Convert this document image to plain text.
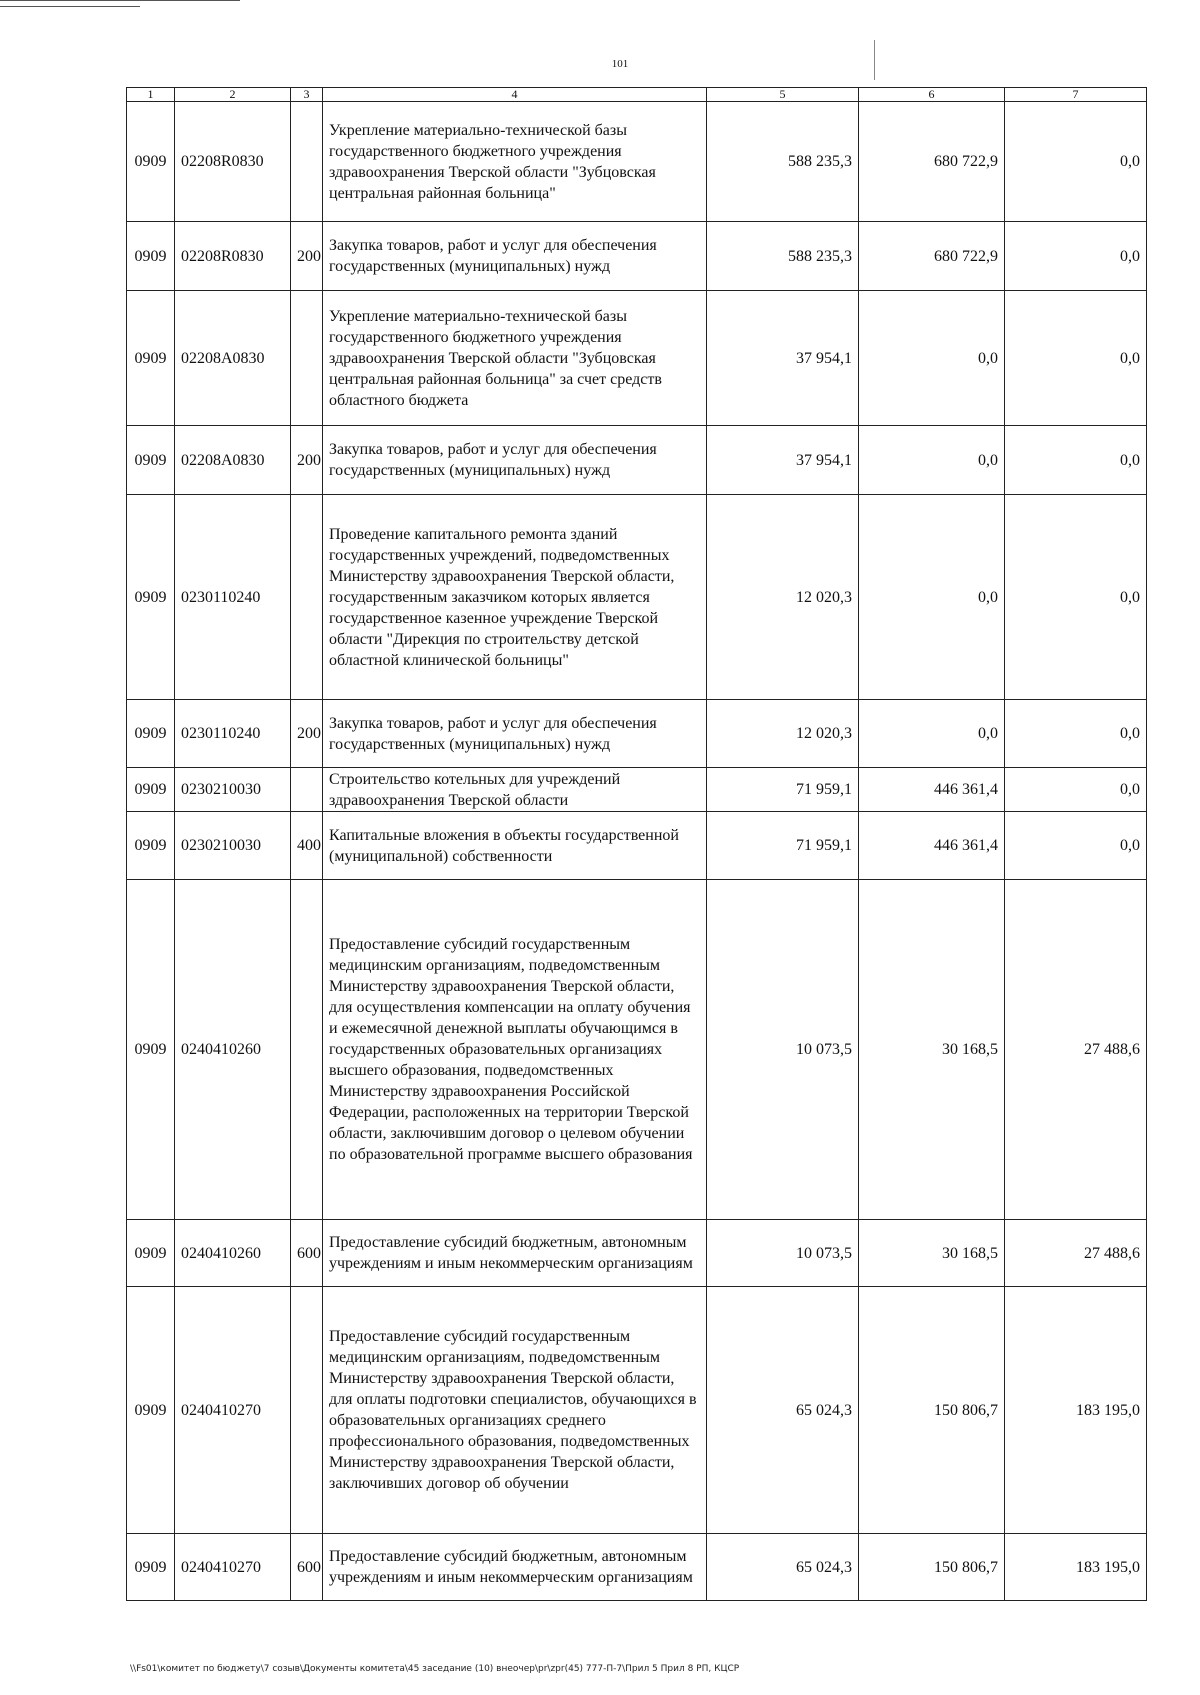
101
1	2	3	4	5	6	7
0909	02208R0830		Укрепление материально-технической базы государственного бюджетного учреждения здравоохранения Тверской области "Зубцовская центральная районная больница"	588 235,3	680 722,9	0,0
0909	02208R0830	200	Закупка товаров, работ и услуг для обеспечения государственных (муниципальных) нужд	588 235,3	680 722,9	0,0
0909	02208A0830		Укрепление материально-технической базы государственного бюджетного учреждения здравоохранения Тверской области "Зубцовская центральная районная больница" за счет средств областного бюджета	37 954,1	0,0	0,0
0909	02208A0830	200	Закупка товаров, работ и услуг для обеспечения государственных (муниципальных) нужд	37 954,1	0,0	0,0
0909	0230110240		Проведение капитального ремонта зданий государственных учреждений, подведомственных Министерству здравоохранения Тверской области, государственным заказчиком которых является государственное казенное учреждение Тверской области "Дирекция по строительству детской областной клинической больницы"	12 020,3	0,0	0,0
0909	0230110240	200	Закупка товаров, работ и услуг для обеспечения государственных (муниципальных) нужд	12 020,3	0,0	0,0
0909	0230210030		Строительство котельных для учреждений здравоохранения Тверской области	71 959,1	446 361,4	0,0
0909	0230210030	400	Капитальные вложения в объекты государственной (муниципальной) собственности	71 959,1	446 361,4	0,0
0909	0240410260		Предоставление субсидий государственным медицинским организациям, подведомственным Министерству здравоохранения Тверской области, для осуществления компенсации на оплату обучения и ежемесячной денежной выплаты обучающимся в государственных образовательных организациях высшего образования, подведомственных Министерству здравоохранения Российской Федерации, расположенных на территории Тверской области, заключившим договор о целевом обучении по образовательной программе высшего образования	10 073,5	30 168,5	27 488,6
0909	0240410260	600	Предоставление субсидий бюджетным, автономным учреждениям и иным некоммерческим организациям	10 073,5	30 168,5	27 488,6
0909	0240410270		Предоставление субсидий государственным медицинским организациям, подведомственным Министерству здравоохранения Тверской области, для оплаты подготовки специалистов, обучающихся в образовательных организациях среднего профессионального образования, подведомственных Министерству здравоохранения Тверской области, заключивших договор об обучении	65 024,3	150 806,7	183 195,0
0909	0240410270	600	Предоставление субсидий бюджетным, автономным учреждениям и иным некоммерческим организациям	65 024,3	150 806,7	183 195,0
\\Fs01\комитет по бюджету\7 созыв\Документы комитета\45 заседание (10) внеочер\pr\zpr(45) 777-П-7\Прил 5 Прил 8 РП, КЦСР
